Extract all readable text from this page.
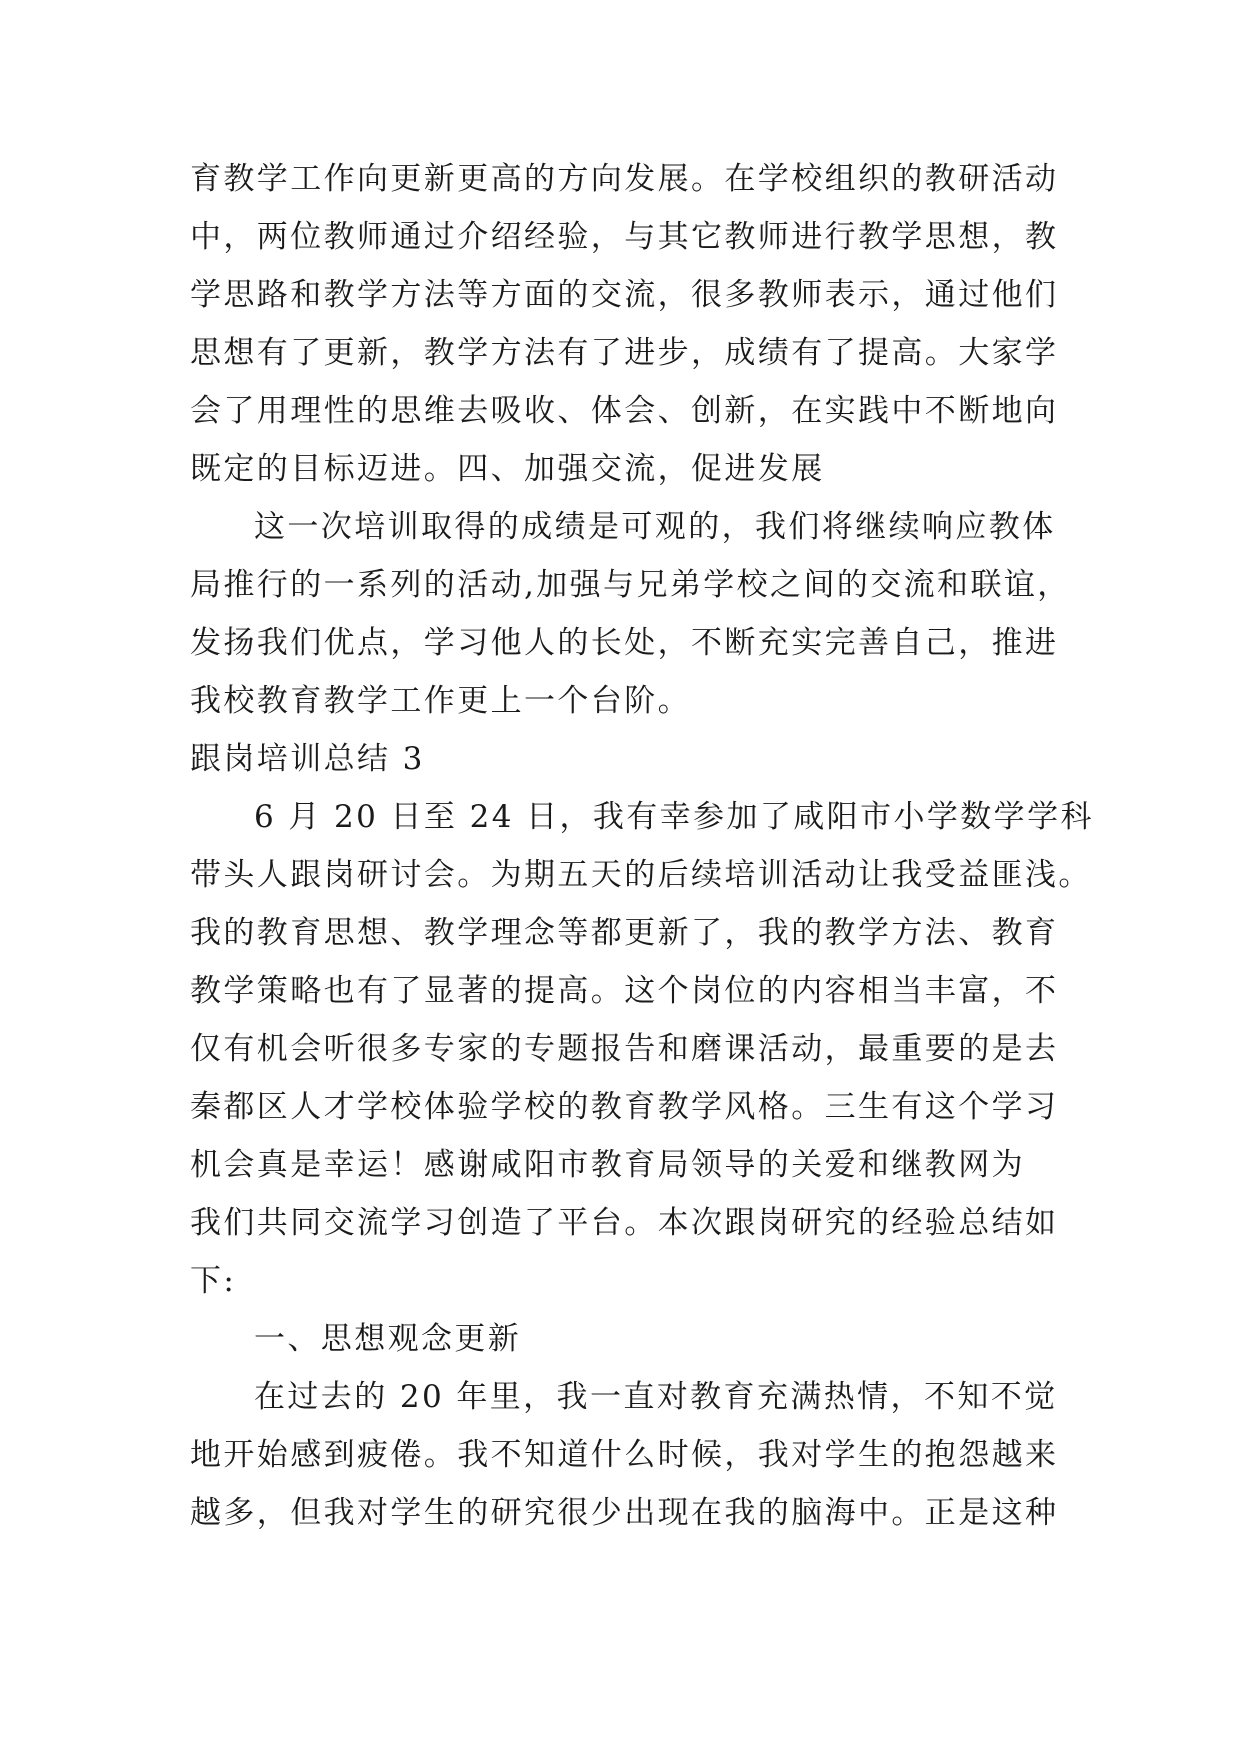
育教学工作向更新更高的方向发展。在学校组织的教研活动
中，两位教师通过介绍经验，与其它教师进行教学思想，教
学思路和教学方法等方面的交流，很多教师表示，通过他们
思想有了更新，教学方法有了进步，成绩有了提高。大家学
会了用理性的思维去吸收、体会、创新，在实践中不断地向
既定的目标迈进。四、加强交流，促进发展
这一次培训取得的成绩是可观的，我们将继续响应教体
局推行的一系列的活动,加强与兄弟学校之间的交流和联谊，
发扬我们优点，学习他人的长处，不断充实完善自己，推进
我校教育教学工作更上一个台阶。
跟岗培训总结 3
6 月 20 日至 24 日，我有幸参加了咸阳市小学数学学科
带头人跟岗研讨会。为期五天的后续培训活动让我受益匪浅。
我的教育思想、教学理念等都更新了，我的教学方法、教育
教学策略也有了显著的提高。这个岗位的内容相当丰富，不
仅有机会听很多专家的专题报告和磨课活动，最重要的是去
秦都区人才学校体验学校的教育教学风格。三生有这个学习
机会真是幸运！感谢咸阳市教育局领导的关爱和继教网为
我们共同交流学习创造了平台。本次跟岗研究的经验总结如
下:
一、思想观念更新
在过去的 20 年里，我一直对教育充满热情，不知不觉
地开始感到疲倦。我不知道什么时候，我对学生的抱怨越来
越多，但我对学生的研究很少出现在我的脑海中。正是这种
